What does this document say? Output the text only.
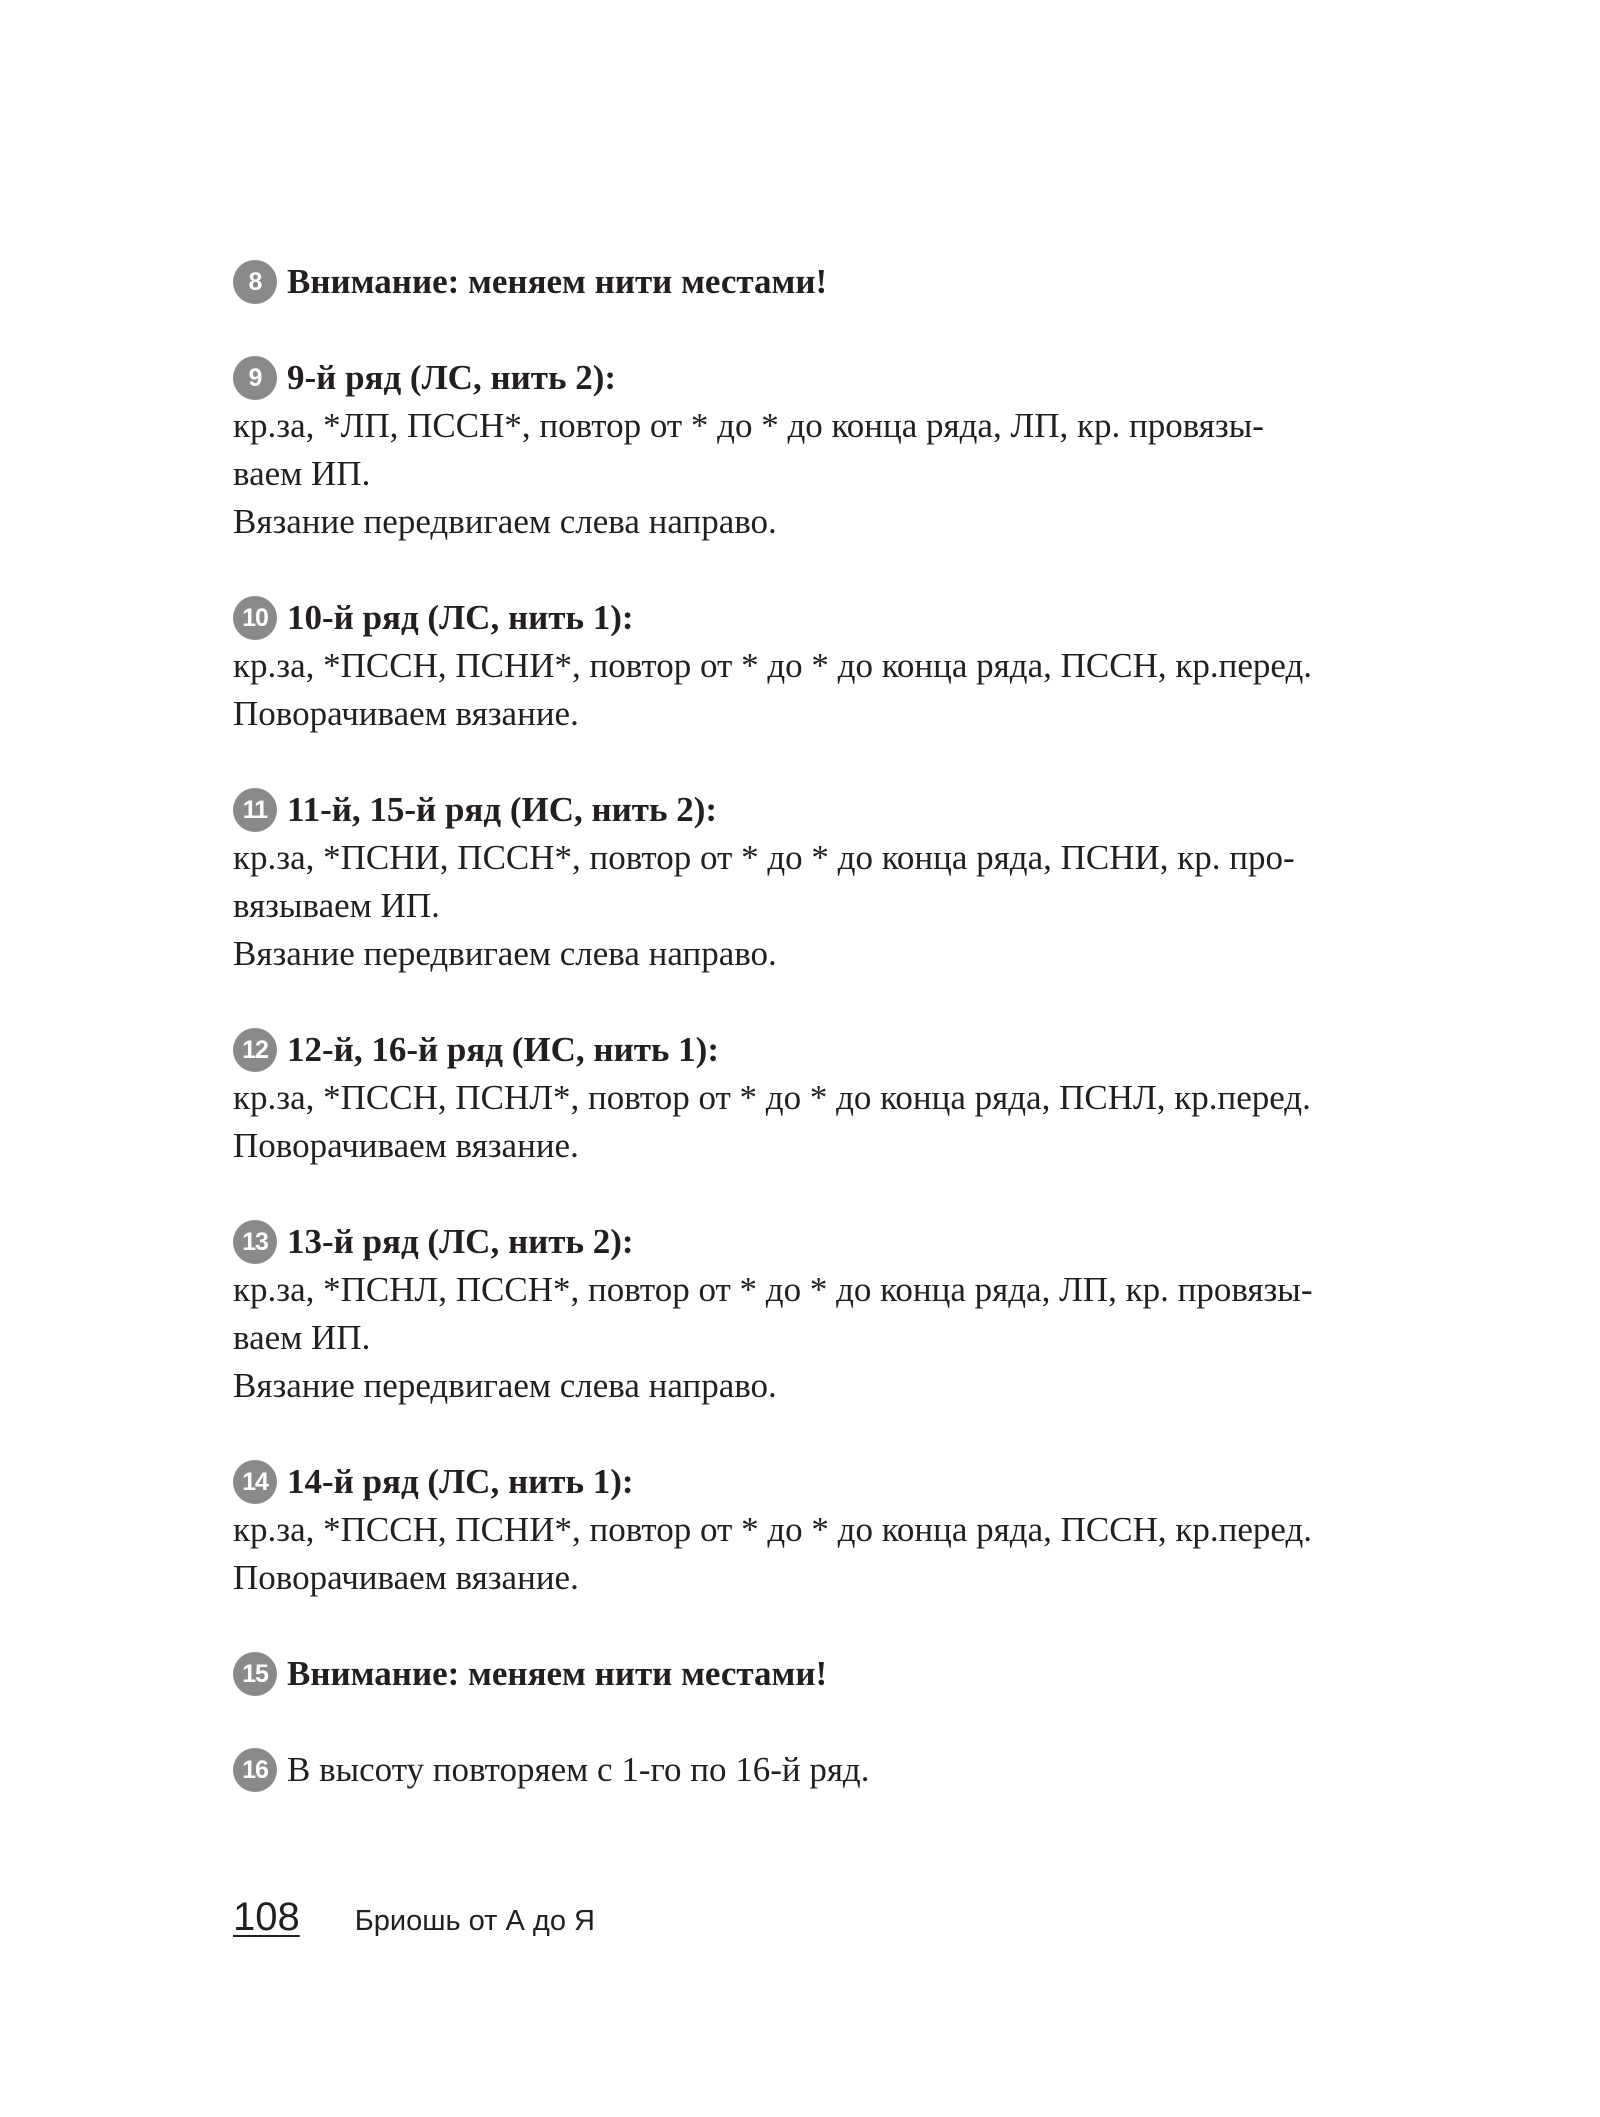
8 Внимание: меняем нити местами!
9 9-й ряд (ЛС, нить 2):
кр.за, *ЛП, ПССН*, повтор от * до * до конца ряда, ЛП, кр. провязы-
ваем ИП.
Вязание передвигаем слева направо.
10 10-й ряд (ЛС, нить 1):
кр.за, *ПССН, ПСНИ*, повтор от * до * до конца ряда, ПССН, кр.перед.
Поворачиваем вязание.
11 11-й, 15-й ряд (ИС, нить 2):
кр.за, *ПСНИ, ПССН*, повтор от * до * до конца ряда, ПСНИ, кр. про-
вязываем ИП.
Вязание передвигаем слева направо.
12 12-й, 16-й ряд (ИС, нить 1):
кр.за, *ПССН, ПСНЛ*, повтор от * до * до конца ряда, ПСНЛ, кр.перед.
Поворачиваем вязание.
13 13-й ряд (ЛС, нить 2):
кр.за, *ПСНЛ, ПССН*, повтор от * до * до конца ряда, ЛП, кр. провязы-
ваем ИП.
Вязание передвигаем слева направо.
14 14-й ряд (ЛС, нить 1):
кр.за, *ПССН, ПСНИ*, повтор от * до * до конца ряда, ПССН, кр.перед.
Поворачиваем вязание.
15 Внимание: меняем нити местами!
16 В высоту повторяем с 1-го по 16-й ряд.
108 Бриошь от А до Я
